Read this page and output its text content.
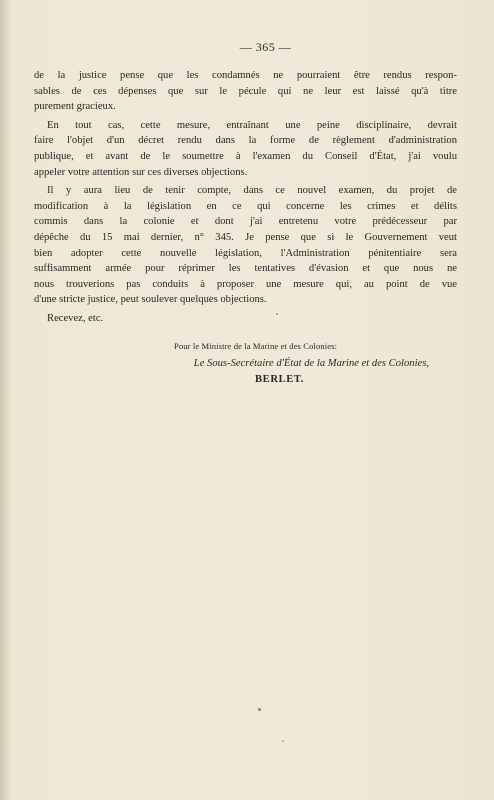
— 365 —

de la justice pense que les condamnés ne pourraient être rendus respon-
sables de ces dépenses que sur le pécule qui ne leur est laissé qu'à titre
purement gracieux.

En tout cas, cette mesure, entraînant une peine disciplinaire, devrait
faire l'objet d'un décret rendu dans la forme de règlement d'administration
publique, et avant de le soumettre à l'examen du Conseil d'État, j'ai voulu
appeler votre attention sur ces diverses objections.

Il y aura lieu de tenir compte, dans ce nouvel examen, du projet de
modification à la législation en ce qui concerne les crimes et délits
commis dans la colonie et dont j'ai entretenu votre prédécesseur par
dépêche du 15 mai dernier, n° 345. Je pense que si le Gouvernement veut
bien adopter cette nouvelle législation, l'Administration pénitentiaire sera
suffisamment armée pour réprimer les tentatives d'évasion et que nous ne
nous trouverions pas conduits à proposer une mesure qui, au point de vue
d'une stricte justice, peut soulever quelques objections.

Recevez, etc.
Pour le Ministre de la Marine et des Colonies:
Le Sous-Secrétaire d'État de la Marine et des Colonies,
BERLET.
